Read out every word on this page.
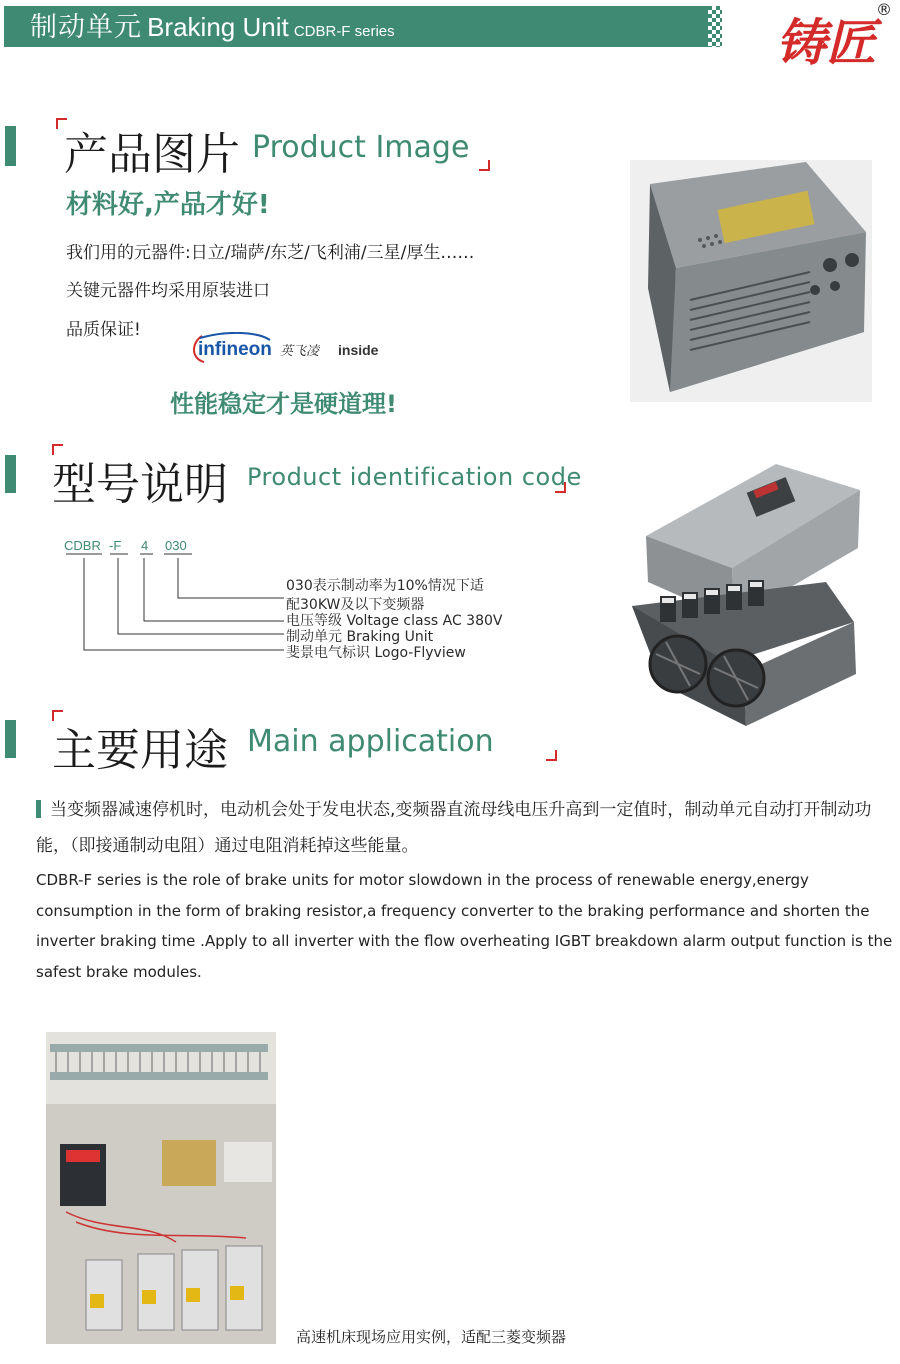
制动单元 Braking Unit CDBR-F series	铸匠
®
产品图片 Product Image
材料好,产品才好!
我们用的元器件:日立/瑞萨/东芝/飞利浦/三星/厚生……
关键元器件均采用原装进口
品质保证!
infineon 英飞凌 inside
性能稳定才是硬道理!
型号说明 Product identification code
CDBR -F 4 030
030表示制动率为10%情况下适
配30KW及以下变频器
电压等级 Voltage class AC 380V
制动单元 Braking Unit
斐景电气标识 Logo-Flyview
主要用途 Main application
当变频器减速停机时，电动机会处于发电状态,变频器直流母线电压升高到一定值时，制动单元自动打开制动功能，（即接通制动电阻）通过电阻消耗掉这些能量。
CDBR-F series is the role of brake units for motor slowdown in the process of renewable energy,energy consumption in the form of braking resistor,a frequency converter to the braking performance and shorten the inverter braking time .Apply to all inverter with the flow overheating IGBT breakdown alarm output function is the safest brake modules.
高速机床现场应用实例，适配三菱变频器
